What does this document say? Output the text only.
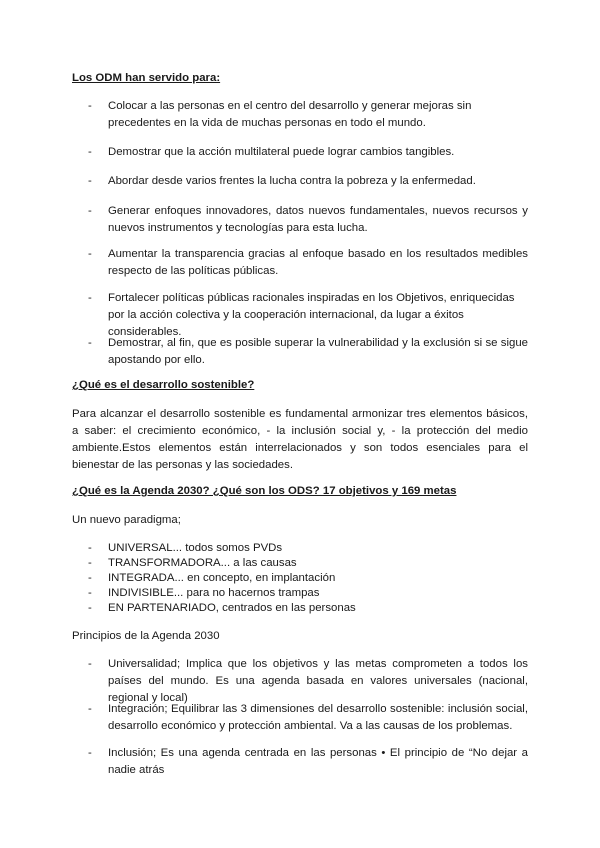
Los ODM han servido para:
-	Colocar a las personas en el centro del desarrollo y generar mejoras sin precedentes en la vida de muchas personas en todo el mundo.
-	Demostrar que la acción multilateral puede lograr cambios tangibles.
-	Abordar desde varios frentes la lucha contra la pobreza y la enfermedad.
-	Generar enfoques innovadores, datos nuevos fundamentales, nuevos recursos y nuevos instrumentos y tecnologías para esta lucha.
-	Aumentar la transparencia gracias al enfoque basado en los resultados medibles respecto de las políticas públicas.
-	Fortalecer políticas públicas racionales inspiradas en los Objetivos, enriquecidas por la acción colectiva y la cooperación internacional, da lugar a éxitos considerables.
-	Demostrar, al fin, que es posible superar la vulnerabilidad y la exclusión si se sigue apostando por ello.
¿Qué es el desarrollo sostenible?

Para alcanzar el desarrollo sostenible es fundamental armonizar tres elementos básicos, a saber: el crecimiento económico, - la inclusión social y, - la protección del medio ambiente.Estos elementos están interrelacionados y son todos esenciales para el bienestar de las personas y las sociedades.

¿Qué es la Agenda 2030? ¿Qué son los ODS? 17 objetivos y 169 metas
Un nuevo paradigma;
-	UNIVERSAL... todos somos PVDs
-	TRANSFORMADORA... a las causas
-	INTEGRADA... en concepto, en implantación
-	INDIVISIBLE... para no hacernos trampas
-	EN PARTENARIADO, centrados en las personas
Principios de la Agenda 2030
-	Universalidad; Implica que los objetivos y las metas comprometen a todos los países del mundo. Es una agenda basada en valores universales (nacional, regional y local)
-	Integración; Equilibrar las 3 dimensiones del desarrollo sostenible: inclusión social, desarrollo económico y protección ambiental. Va a las causas de los problemas.
-	Inclusión; Es una agenda centrada en las personas • El principio de “No dejar a nadie atrás
